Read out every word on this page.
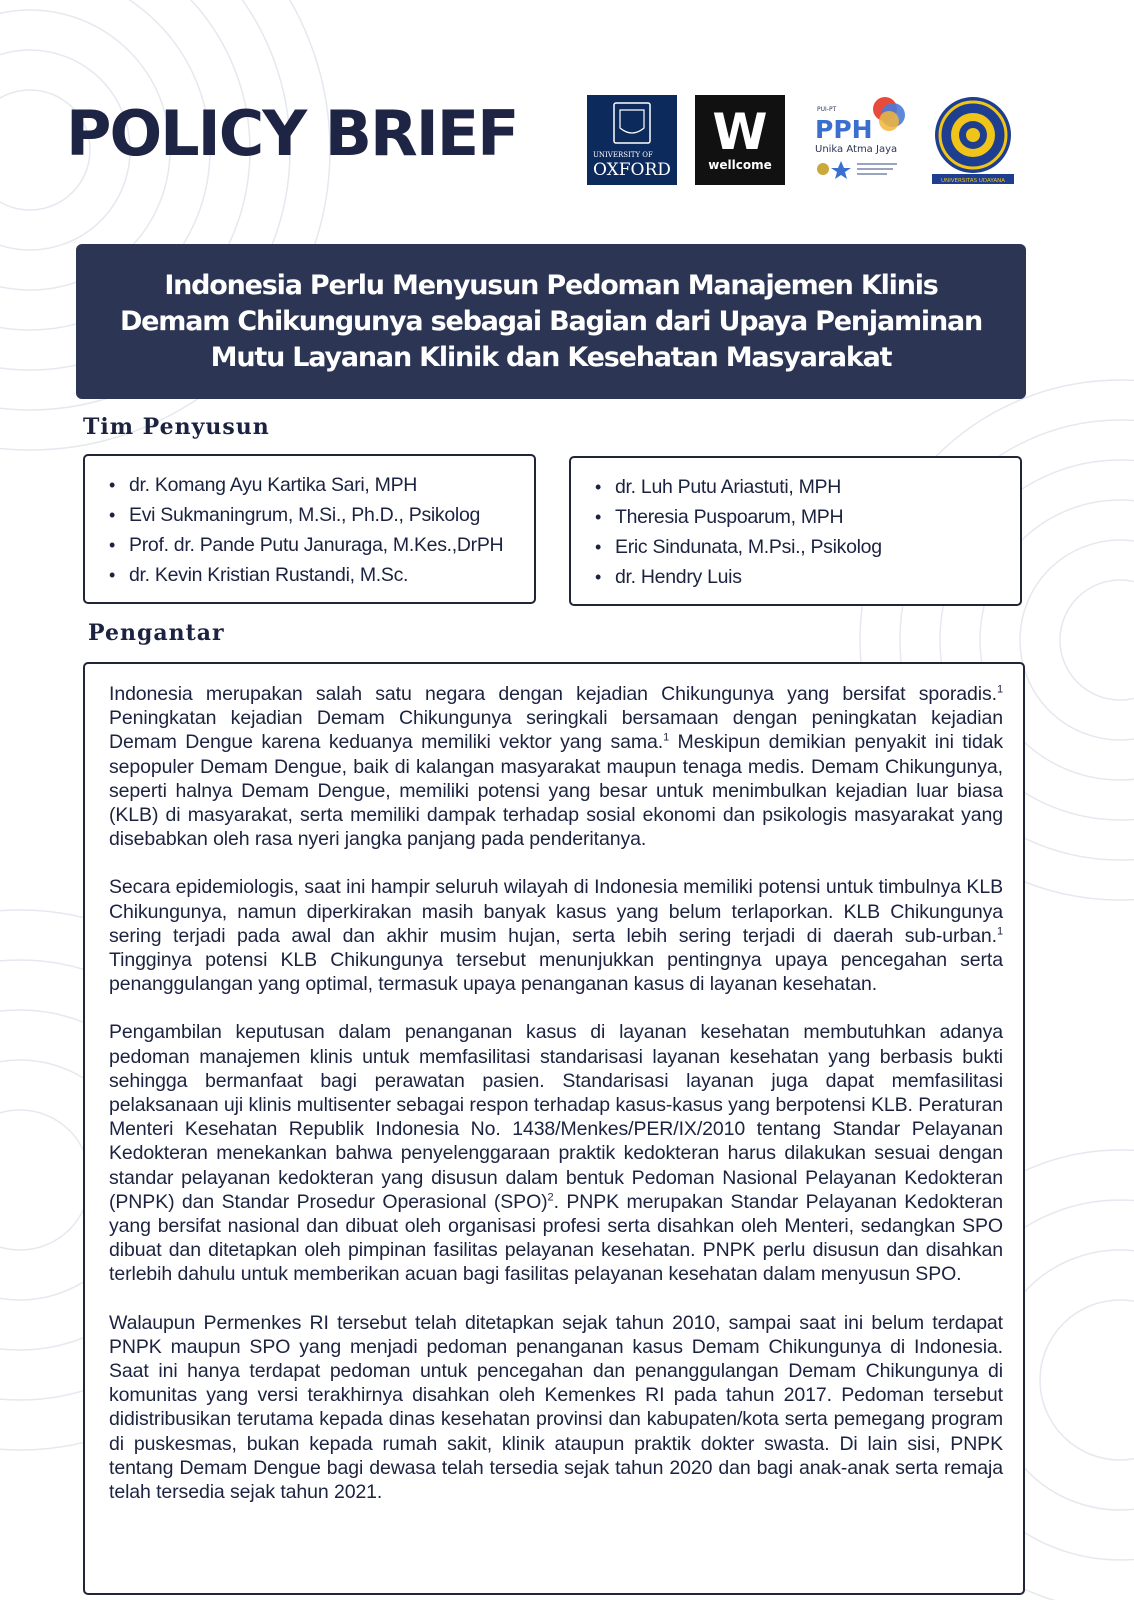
POLICY BRIEF	UNIVERSITY OF
OXFORD
W
wellcome
PUI-PT
PPH
Unika Atma Jaya
UNIVERSITAS UDAYANA
Indonesia Perlu Menyusun Pedoman Manajemen Klinis
Demam Chikungunya sebagai Bagian dari Upaya Penjaminan
Mutu Layanan Klinik dan Kesehatan Masyarakat
Tim Penyusun
• dr. Komang Ayu Kartika Sari, MPH
• Evi Sukmaningrum, M.Si., Ph.D., Psikolog
• Prof. dr. Pande Putu Januraga, M.Kes.,DrPH
• dr. Kevin Kristian Rustandi, M.Sc.
• dr. Luh Putu Ariastuti, MPH
• Theresia Puspoarum, MPH
• Eric Sindunata, M.Psi., Psikolog
• dr. Hendry Luis
Pengantar

Indonesia merupakan salah satu negara dengan kejadian Chikungunya yang bersifat sporadis.$^1$ Peningkatan kejadian Demam Chikungunya seringkali bersamaan dengan peningkatan kejadian Demam Dengue karena keduanya memiliki vektor yang sama.$^1$ Meskipun demikian penyakit ini tidak sepopuler Demam Dengue, baik di kalangan masyarakat maupun tenaga medis. Demam Chikungunya, seperti halnya Demam Dengue, memiliki potensi yang besar untuk menimbulkan kejadian luar biasa (KLB) di masyarakat, serta memiliki dampak terhadap sosial ekonomi dan psikologis masyarakat yang disebabkan oleh rasa nyeri jangka panjang pada penderitanya.

Secara epidemiologis, saat ini hampir seluruh wilayah di Indonesia memiliki potensi untuk timbulnya KLB Chikungunya, namun diperkirakan masih banyak kasus yang belum terlaporkan. KLB Chikungunya sering terjadi pada awal dan akhir musim hujan, serta lebih sering terjadi di daerah sub-urban.$^1$ Tingginya potensi KLB Chikungunya tersebut menunjukkan pentingnya upaya pencegahan serta penanggulangan yang optimal, termasuk upaya penanganan kasus di layanan kesehatan.

Pengambilan keputusan dalam penanganan kasus di layanan kesehatan membutuhkan adanya pedoman manajemen klinis untuk memfasilitasi standarisasi layanan kesehatan yang berbasis bukti sehingga bermanfaat bagi perawatan pasien. Standarisasi layanan juga dapat memfasilitasi pelaksanaan uji klinis multisenter sebagai respon terhadap kasus-kasus yang berpotensi KLB. Peraturan Menteri Kesehatan Republik Indonesia No. 1438/Menkes/PER/IX/2010 tentang Standar Pelayanan Kedokteran menekankan bahwa penyelenggaraan praktik kedokteran harus dilakukan sesuai dengan standar pelayanan kedokteran yang disusun dalam bentuk Pedoman Nasional Pelayanan Kedokteran (PNPK) dan Standar Prosedur Operasional (SPO)$^2$. PNPK merupakan Standar Pelayanan Kedokteran yang bersifat nasional dan dibuat oleh organisasi profesi serta disahkan oleh Menteri, sedangkan SPO dibuat dan ditetapkan oleh pimpinan fasilitas pelayanan kesehatan. PNPK perlu disusun dan disahkan terlebih dahulu untuk memberikan acuan bagi fasilitas pelayanan kesehatan dalam menyusun SPO.

Walaupun Permenkes RI tersebut telah ditetapkan sejak tahun 2010, sampai saat ini belum terdapat PNPK maupun SPO yang menjadi pedoman penanganan kasus Demam Chikungunya di Indonesia. Saat ini hanya terdapat pedoman untuk pencegahan dan penanggulangan Demam Chikungunya di komunitas yang versi terakhirnya disahkan oleh Kemenkes RI pada tahun 2017. Pedoman tersebut didistribusikan terutama kepada dinas kesehatan provinsi dan kabupaten/kota serta pemegang program di puskesmas, bukan kepada rumah sakit, klinik ataupun praktik dokter swasta. Di lain sisi, PNPK tentang Demam Dengue bagi dewasa telah tersedia sejak tahun 2020 dan bagi anak-anak serta remaja telah tersedia sejak tahun 2021.
